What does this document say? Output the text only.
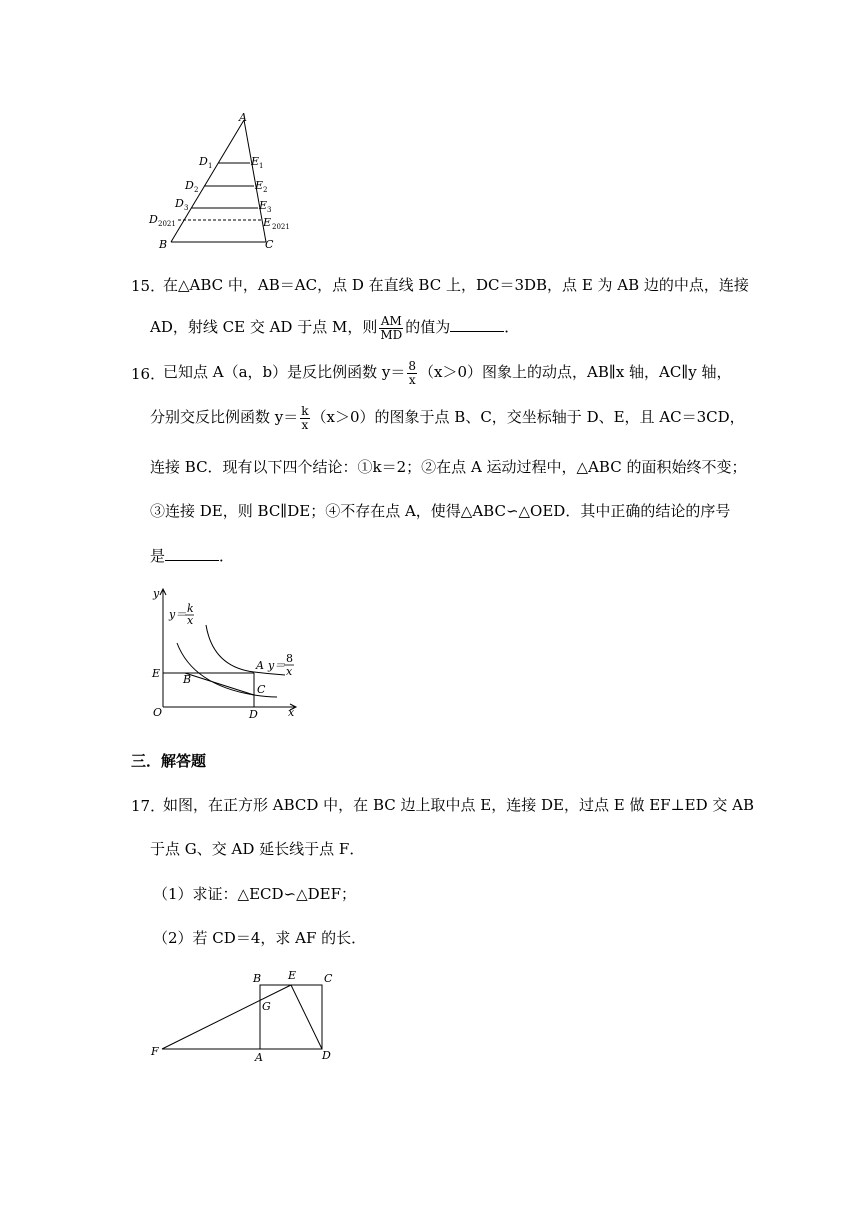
A
D 1	E 1
D 2	E 2
D 3	E 3
D 2021	E 2021
B	C
15．
在△ABC 中，AB＝AC，点 D 在直线 BC 上，DC＝3DB，点 E 为 AB 边的中点，连接
AD，射线 CE 交 AD 于点 M，则 $\frac{AM}{MD}$ 的值为	．
16．
已知点 A（a，b）是反比例函数 $y= \frac{8}{x} (x>0)$图象上的动点，AB∥x 轴，AC∥y 轴，
分别交反比例函数 $y= \frac{k}{x} (x>0)$的图象于点 B、C，交坐标轴于 D、E，且 AC＝3CD，
连接 BC．现有以下四个结论：①k＝2；②在点 A 运动过程中，△ABC 的面积始终不变；
③连接 DE，则 BC∥DE；④不存在点 A，使得△ABC∽△OED．其中正确的结论的序号
是	．
y
x
O
E B
A
C
D
y＝ k
x
y＝
8
x
三．解答题
17．
如图，在正方形 ABCD 中，在 BC 边上取中点 E，连接 DE，过点 E 做 EF⊥ED 交 AB
于点 G、交 AD 延长线于点 F．
（1）求证：△ECD∽△DEF；
（2）若 CD＝4，求 AF 的长．
B E	C
G
F	A	D
